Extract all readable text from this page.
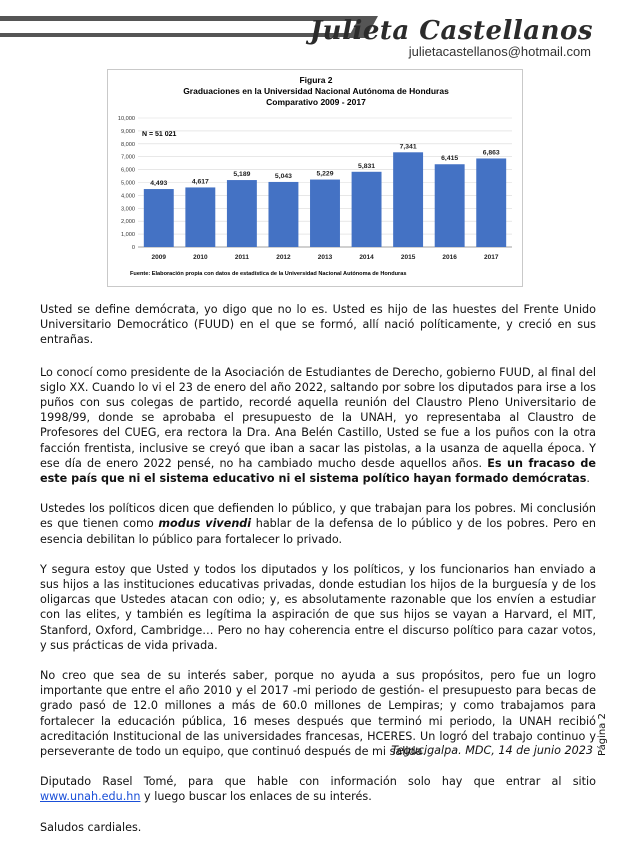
Julieta Castellanos
julietacastellanos@hotmail.com
Figura 2
Graduaciones en la Universidad Nacional Autónoma de Honduras
Comparativo 2009 - 2017
N = 51 021
0
1,000
2,000
3,000
4,000
5,000
6,000
7,000
8,000
9,000
10,000
4,493	4,617
5,189	5,043	5,229
5,831
7,341
6,415
6,863
2009	2010	2011	2012	2013	2014	2015	2016	2017
Fuente: Elaboración propia con datos de estadística de la Universidad Nacional Autónoma de Honduras

Usted se define demócrata, yo digo que no lo es. Usted es hijo de las huestes del Frente Unido Universitario Democrático (FUUD) en el que se formó, allí nació políticamente, y creció en sus entrañas.

Lo conocí como presidente de la Asociación de Estudiantes de Derecho, gobierno FUUD, al final del siglo XX. Cuando lo vi el 23 de enero del año 2022, saltando por sobre los diputados para irse a los puños con sus colegas de partido, recordé aquella reunión del Claustro Pleno Universitario de 1998/99, donde se aprobaba el presupuesto de la UNAH, yo representaba al Claustro de Profesores del CUEG, era rectora la Dra. Ana Belén Castillo, Usted se fue a los puños con la otra facción frentista, inclusive se creyó que iban a sacar las pistolas, a la usanza de aquella época. Y ese día de enero 2022 pensé, no ha cambiado mucho desde aquellos años. Es un fracaso de este país que ni el sistema educativo ni el sistema político hayan formado demócratas.

Ustedes los políticos dicen que defienden lo público, y que trabajan para los pobres. Mi conclusión es que tienen como modus vivendi hablar de la defensa de lo público y de los pobres. Pero en esencia debilitan lo público para fortalecer lo privado.

Y segura estoy que Usted y todos los diputados y los políticos, y los funcionarios han enviado a sus hijos a las instituciones educativas privadas, donde estudian los hijos de la burguesía y de los oligarcas que Ustedes atacan con odio; y, es absolutamente razonable que los envíen a estudiar con las elites, y también es legítima la aspiración de que sus hijos se vayan a Harvard, el MIT, Stanford, Oxford, Cambridge… Pero no hay coherencia entre el discurso político para cazar votos, y sus prácticas de vida privada.

No creo que sea de su interés saber, porque no ayuda a sus propósitos, pero fue un logro importante que entre el año 2010 y el 2017 -mi periodo de gestión- el presupuesto para becas de grado pasó de 12.0 millones a más de 60.0 millones de Lempiras; y como trabajamos para fortalecer la educación pública, 16 meses después que terminó mi periodo, la UNAH recibió acreditación Institucional de las universidades francesas, HCERES. Un logró del trabajo continuo y perseverante de todo un equipo, que continuó después de mi salida.

Diputado Rasel Tomé, para que hable con información solo hay que entrar al sitio www.unah.edu.hn y luego buscar los enlaces de su interés.

Saludos cardiales.

Tegucigalpa. MDC, 14 de junio 2023 Página 2
